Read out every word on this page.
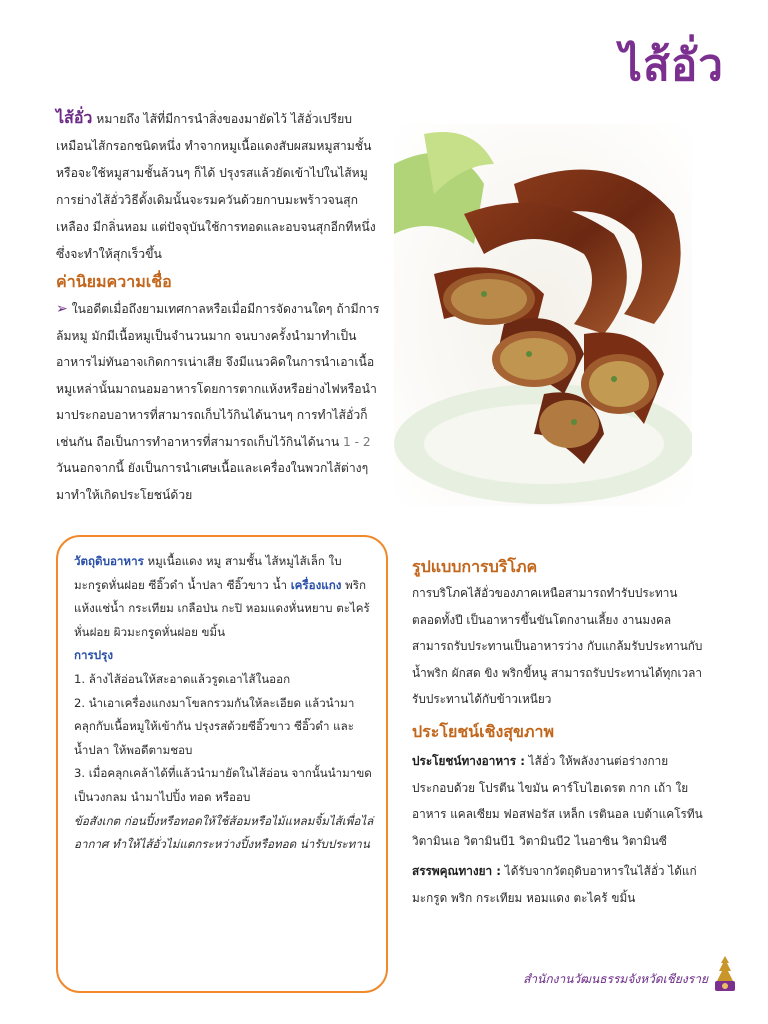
ไส้อั่ว
ไส้อั่ว หมายถึง ไส้ที่มีการนำสิ่งของมายัดไว้ ไส้อั่วเปรียบเหมือนไส้กรอกชนิดหนึ่ง ทำจากหมูเนื้อแดงสับผสมหมูสามชั้นหรือจะใช้หมูสามชั้นล้วนๆ ก็ได้ ปรุงรสแล้วยัดเข้าไปในไส้หมู การย่างไส้อั่ววิธีดั้งเดิมนั้นจะรมควันด้วยกาบมะพร้าวจนสุกเหลือง มีกลิ่นหอม แต่ปัจจุบันใช้การทอดและอบจนสุกอีกทีหนึ่ง ซึ่งจะทำให้สุกเร็วขึ้น
ค่านิยมความเชื่อ
➢ ในอดีตเมื่อถึงยามเทศกาลหรือเมื่อมีการจัดงานใดๆ ถ้ามีการล้มหมู มักมีเนื้อหมูเป็นจำนวนมาก จนบางครั้งนำมาทำเป็นอาหารไม่ทันอาจเกิดการเน่าเสีย จึงมีแนวคิดในการนำเอาเนื้อหมูเหล่านั้นมาถนอมอาหารโดยการตากแห้งหรือย่างไฟหรือนำมาประกอบอาหารที่สามารถเก็บไว้กินได้นานๆ การทำไส้อั่วก็เช่นกัน ถือเป็นการทำอาหารที่สามารถเก็บไว้กินได้นาน 1 - 2 วันนอกจากนี้ ยังเป็นการนำเศษเนื้อและเครื่องในพวกไส้ต่างๆ มาทำให้เกิดประโยชน์ด้วย

วัตถุดิบอาหาร หมูเนื้อแดง หมู สามชั้น ไส้หมูไส้เล็ก ใบมะกรูดหั่นฝอย ซีอิ๊วดำ น้ำปลา ซีอิ๊วขาว น้ำ เครื่องแกง พริกแห้งแช่น้ำ กระเทียม เกลือป่น กะปิ หอมแดงหั่นหยาบ ตะไคร้หั่นฝอย ผิวมะกรูดหั่นฝอย ขมิ้น

การปรุง

1. ล้างไส้อ่อนให้สะอาดแล้วรูดเอาไส้ในออก

2. นำเอาเครื่องแกงมาโขลกรวมกันให้ละเอียด แล้วนำมาคลุกกับเนื้อหมูให้เข้ากัน ปรุงรสด้วยซีอิ๊วขาว ซีอิ๊วดำ และน้ำปลา ให้พอดีตามชอบ

3. เมื่อคลุกเคล้าได้ที่แล้วนำมายัดในไส้อ่อน จากนั้นนำมาขดเป็นวงกลม นำมาไปปิ้ง ทอด หรืออบ

ข้อสังเกต ก่อนปิ้งหรือทอดให้ใช้ส้อมหรือไม้แหลมจิ้มไส้เพื่อไล่อากาศ ทำให้ไส้อั่วไม่แตกระหว่างปิ้งหรือทอด น่ารับประทาน

รูปแบบการบริโภค
การบริโภคไส้อั่วของภาคเหนือสามารถทำรับประทานตลอดทั้งปี เป็นอาหารขึ้นขันโตกงานเลี้ยง งานมงคล สามารถรับประทานเป็นอาหารว่าง กับแกล้มรับประทานกับน้ำพริก ผักสด ขิง พริกขี้หนู สามารถรับประทานได้ทุกเวลา รับประทานได้กับข้าวเหนียว
ประโยชน์เชิงสุขภาพ

ประโยชน์ทางอาหาร : ไส้อั่ว ให้พลังงานต่อร่างกาย ประกอบด้วย โปรตีน ไขมัน คาร์โบไฮเดรต กาก เถ้า ใยอาหาร แคลเซียม ฟอสฟอรัส เหล็ก เรตินอล เบต้าแคโรทีน วิตามินเอ วิตามินบี1 วิตามินบี2 ไนอาซิน วิตามินซี

สรรพคุณทางยา : ได้รับจากวัตถุดิบอาหารในไส้อั่ว ได้แก่ มะกรูด พริก กระเทียม หอมแดง ตะไคร้ ขมิ้น

สำนักงานวัฒนธรรมจังหวัดเชียงราย
